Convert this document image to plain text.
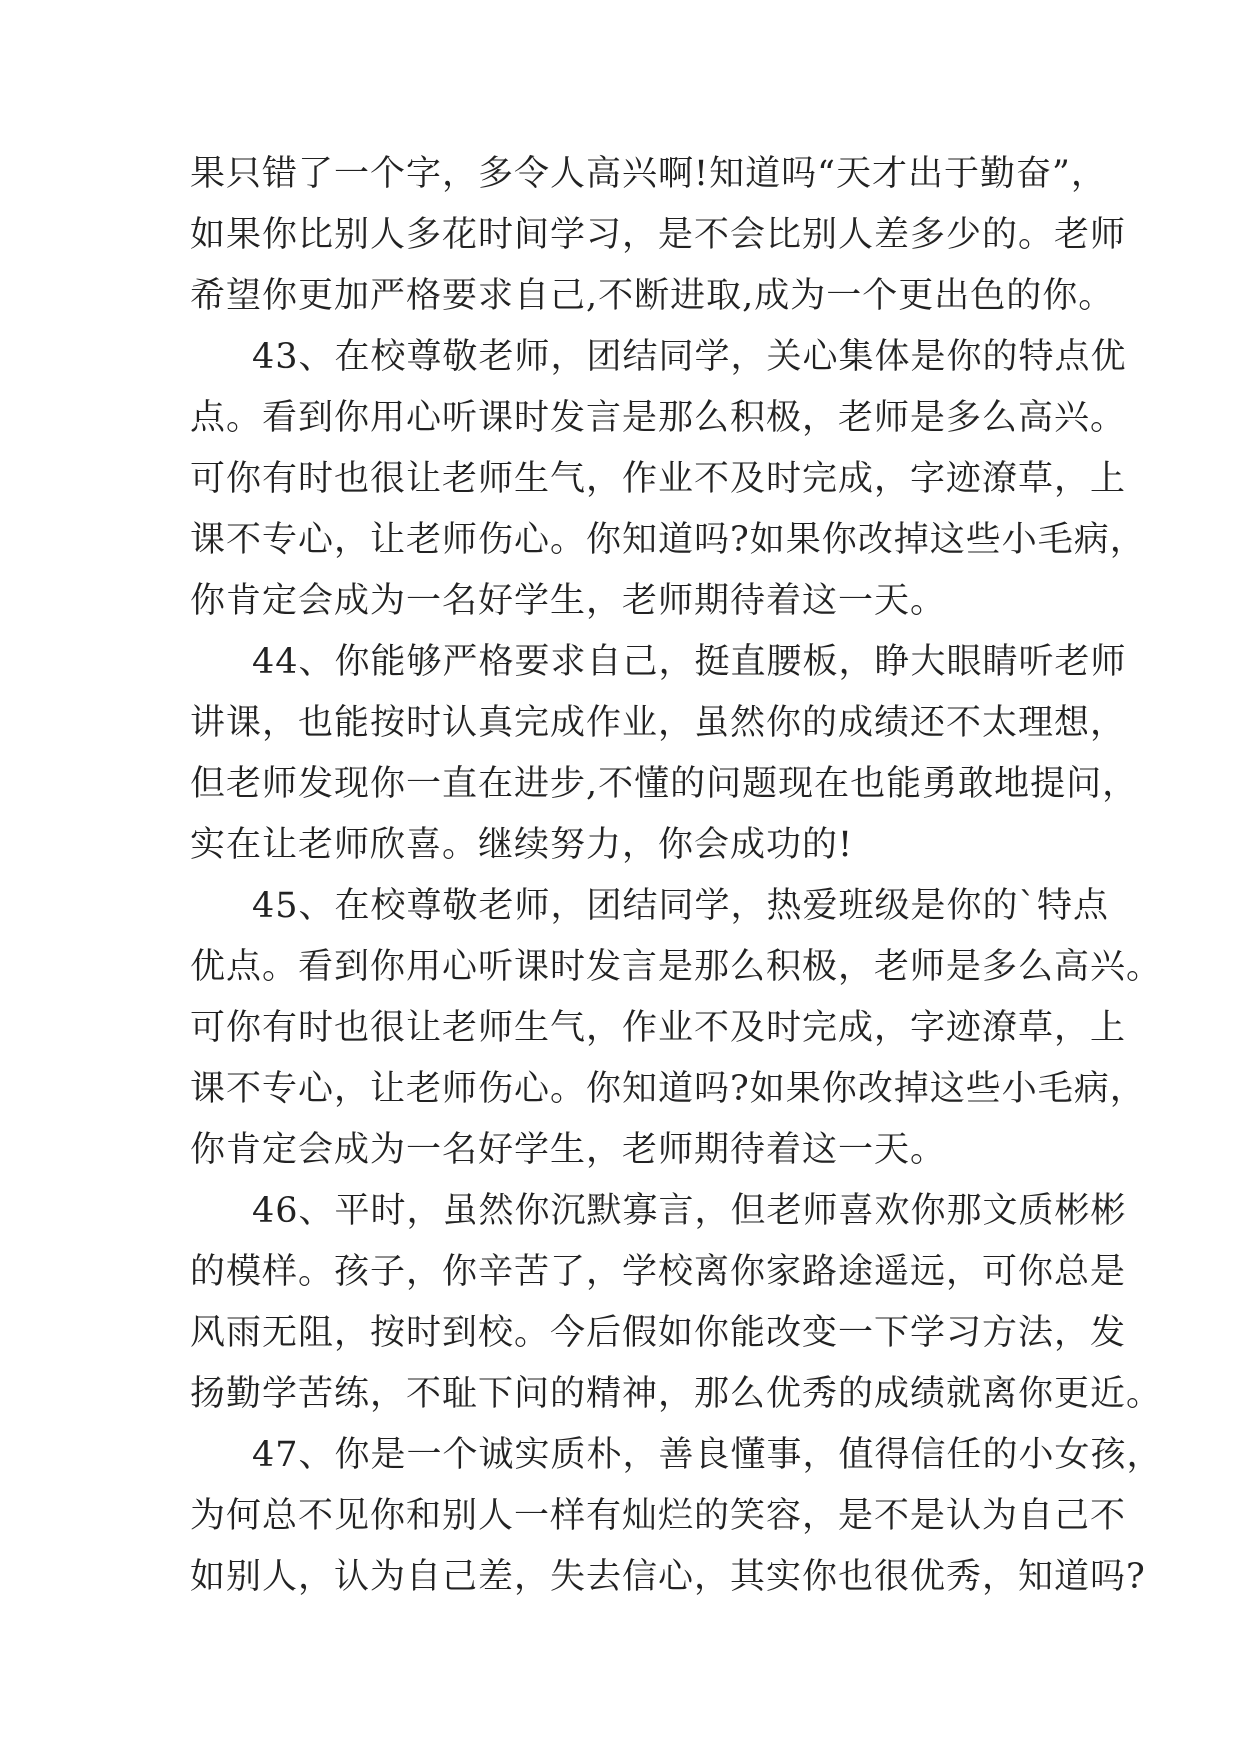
果只错了一个字，多令人高兴啊!知道吗“天才出于勤奋”，

如果你比别人多花时间学习，是不会比别人差多少的。老师

希望你更加严格要求自己,不断进取,成为一个更出色的你。

43、在校尊敬老师，团结同学，关心集体是你的特点优

点。看到你用心听课时发言是那么积极，老师是多么高兴。

可你有时也很让老师生气，作业不及时完成，字迹潦草，上

课不专心，让老师伤心。你知道吗?如果你改掉这些小毛病，

你肯定会成为一名好学生，老师期待着这一天。

44、你能够严格要求自己，挺直腰板，睁大眼睛听老师

讲课，也能按时认真完成作业，虽然你的成绩还不太理想，

但老师发现你一直在进步,不懂的问题现在也能勇敢地提问，

实在让老师欣喜。继续努力，你会成功的!

45、在校尊敬老师，团结同学，热爱班级是你的`特点

优点。看到你用心听课时发言是那么积极，老师是多么高兴。

可你有时也很让老师生气，作业不及时完成，字迹潦草，上

课不专心，让老师伤心。你知道吗?如果你改掉这些小毛病，

你肯定会成为一名好学生，老师期待着这一天。

46、平时，虽然你沉默寡言，但老师喜欢你那文质彬彬

的模样。孩子，你辛苦了，学校离你家路途遥远，可你总是

风雨无阻，按时到校。今后假如你能改变一下学习方法，发

扬勤学苦练，不耻下问的精神，那么优秀的成绩就离你更近。

47、你是一个诚实质朴，善良懂事，值得信任的小女孩，

为何总不见你和别人一样有灿烂的笑容，是不是认为自己不

如别人，认为自己差，失去信心，其实你也很优秀，知道吗?
